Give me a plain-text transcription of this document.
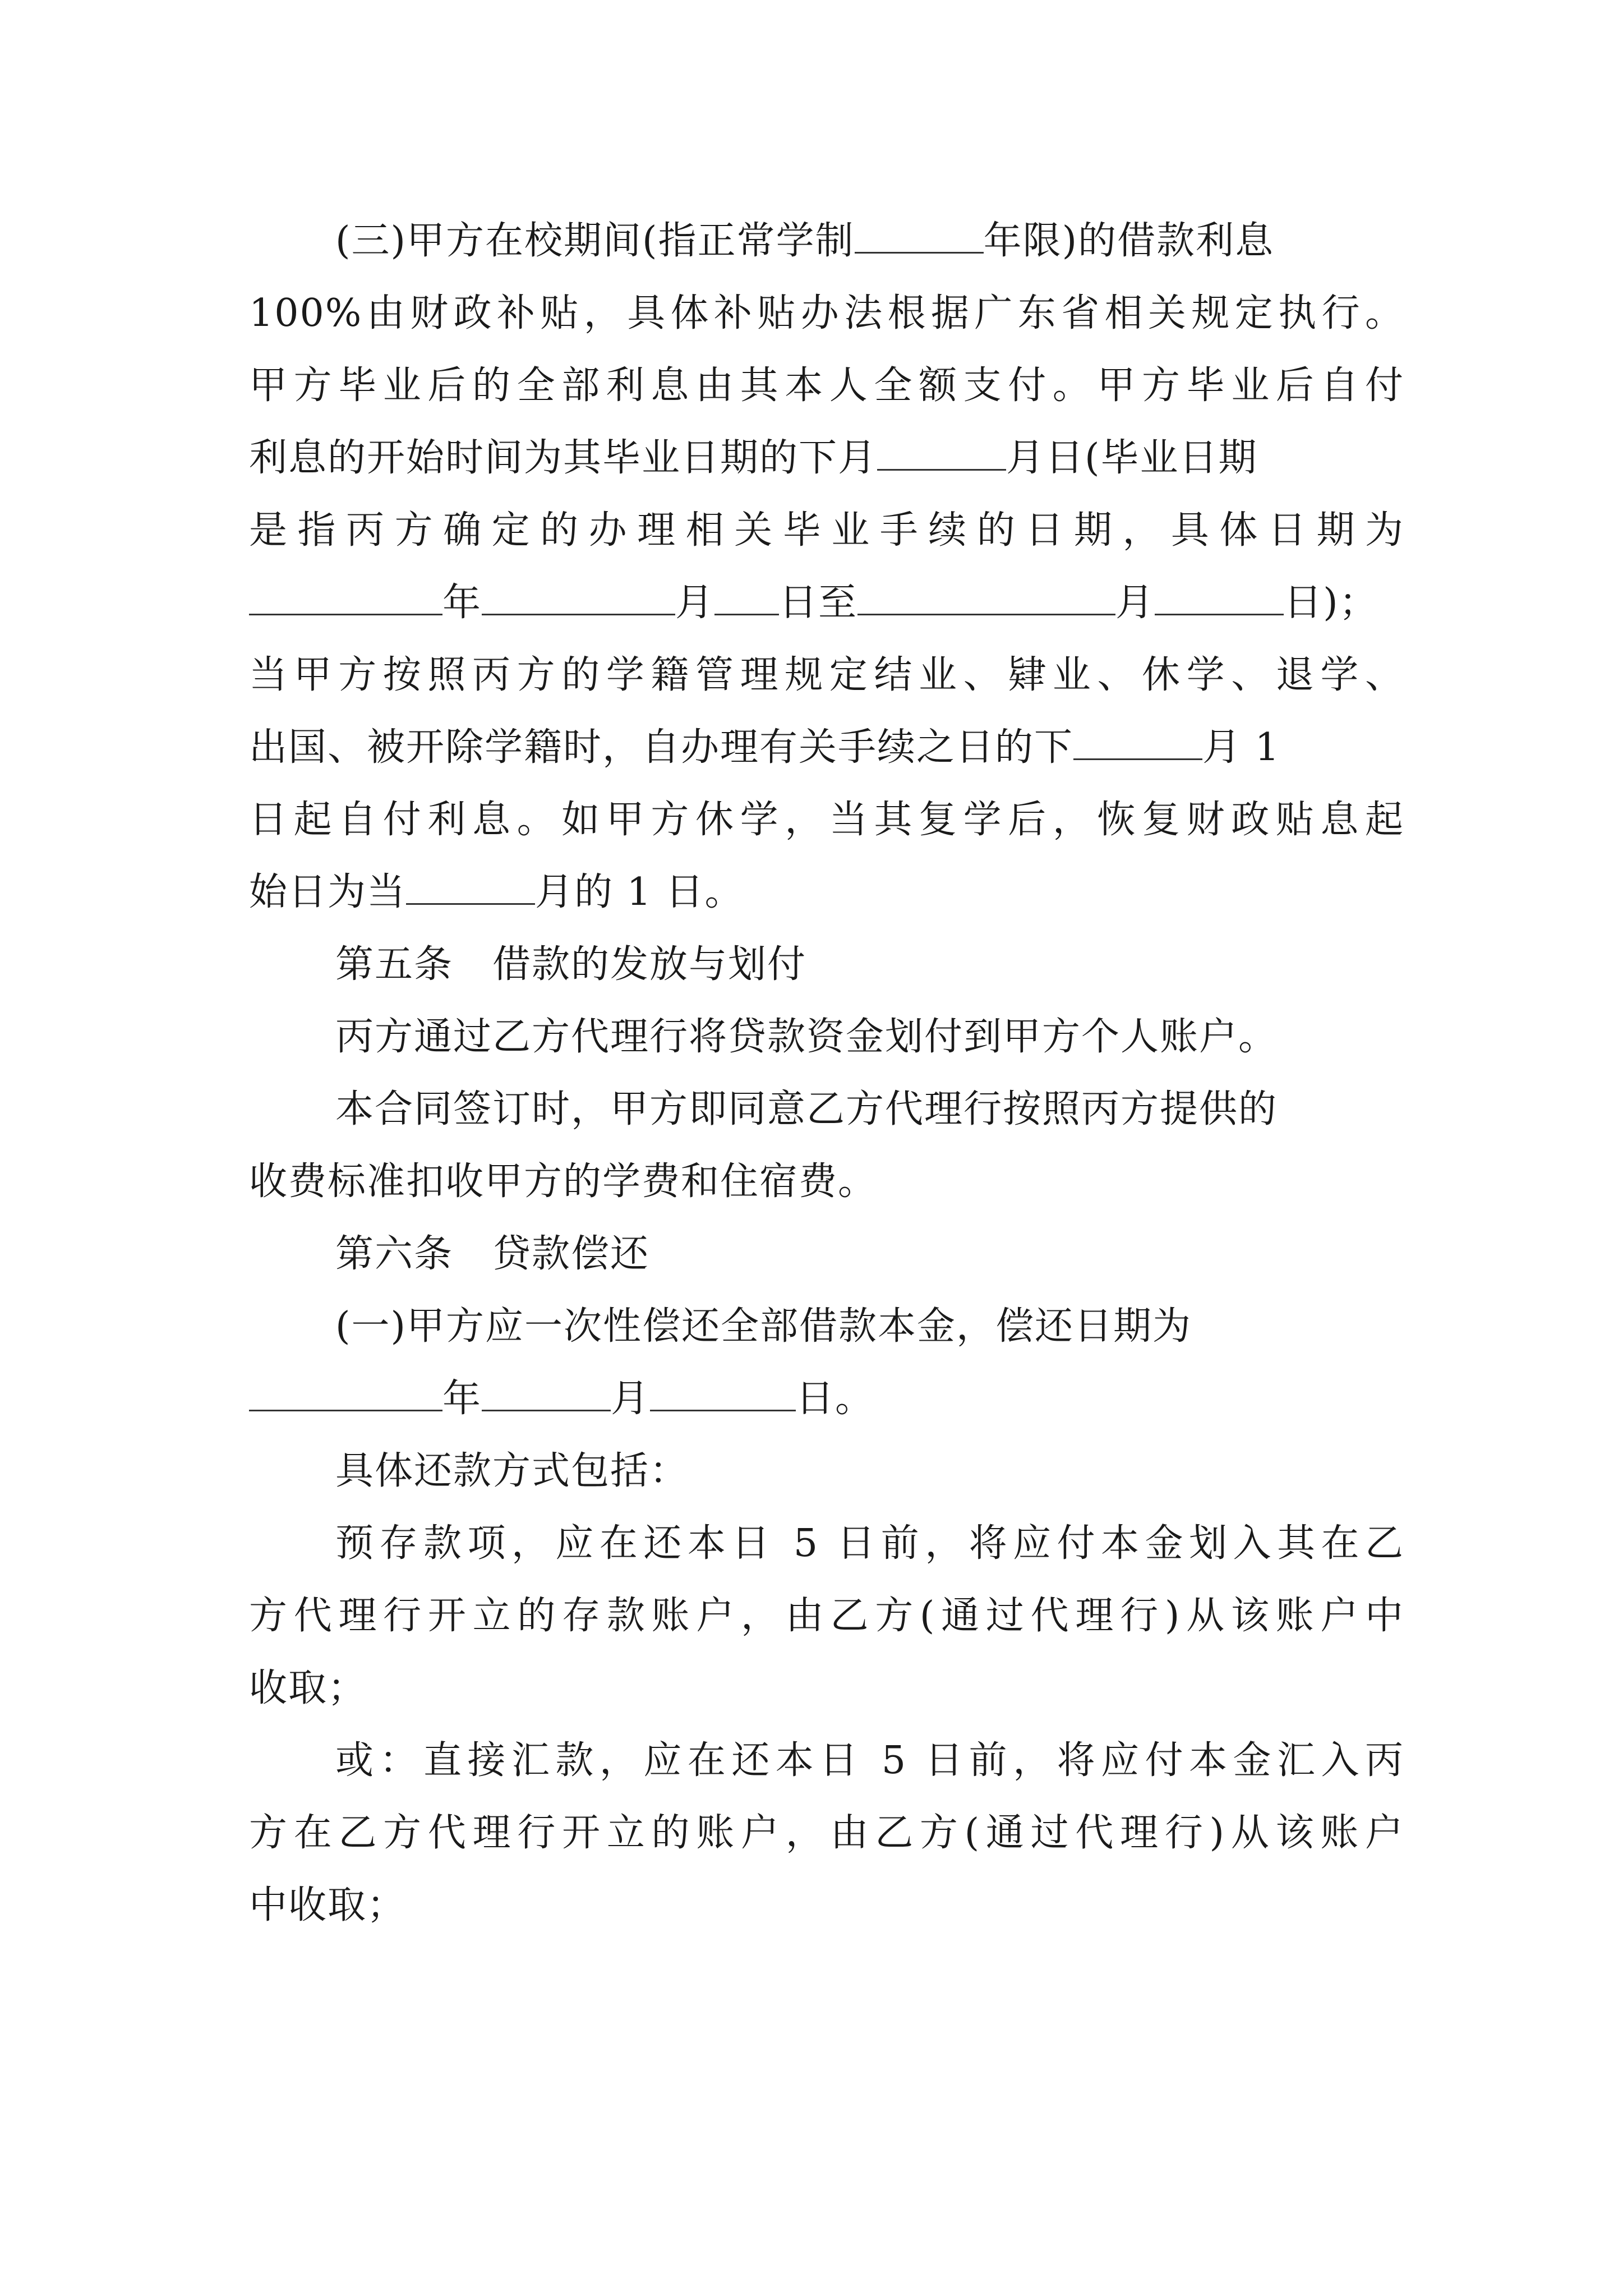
(三)甲方在校期间(指正常学制	年限)的借款利息
100%由财政补贴，具体补贴办法根据广东省相关规定执行。
甲方毕业后的全部利息由其本人全额支付。甲方毕业后自付
利息的开始时间为其毕业日期的下月	月日(毕业日期
是指丙方确定的办理相关毕业手续的日期，具体日期为
年	月 日至	月	日)；
当甲方按照丙方的学籍管理规定结业、肄业、休学、退学、
出国、被开除学籍时，自办理有关手续之日的下	月 1
日起自付利息。如甲方休学，当其复学后，恢复财政贴息起
始日为当	月的 1 日。
第五条　借款的发放与划付
丙方通过乙方代理行将贷款资金划付到甲方个人账户。
本合同签订时，甲方即同意乙方代理行按照丙方提供的
收费标准扣收甲方的学费和住宿费。
第六条　贷款偿还
(一)甲方应一次性偿还全部借款本金，偿还日期为
年	月	日。
具体还款方式包括：
预存款项，应在还本日 5 日前，将应付本金划入其在乙
方代理行开立的存款账户，由乙方(通过代理行)从该账户中
收取；
或：直接汇款，应在还本日 5 日前，将应付本金汇入丙
方在乙方代理行开立的账户，由乙方(通过代理行)从该账户
中收取；
